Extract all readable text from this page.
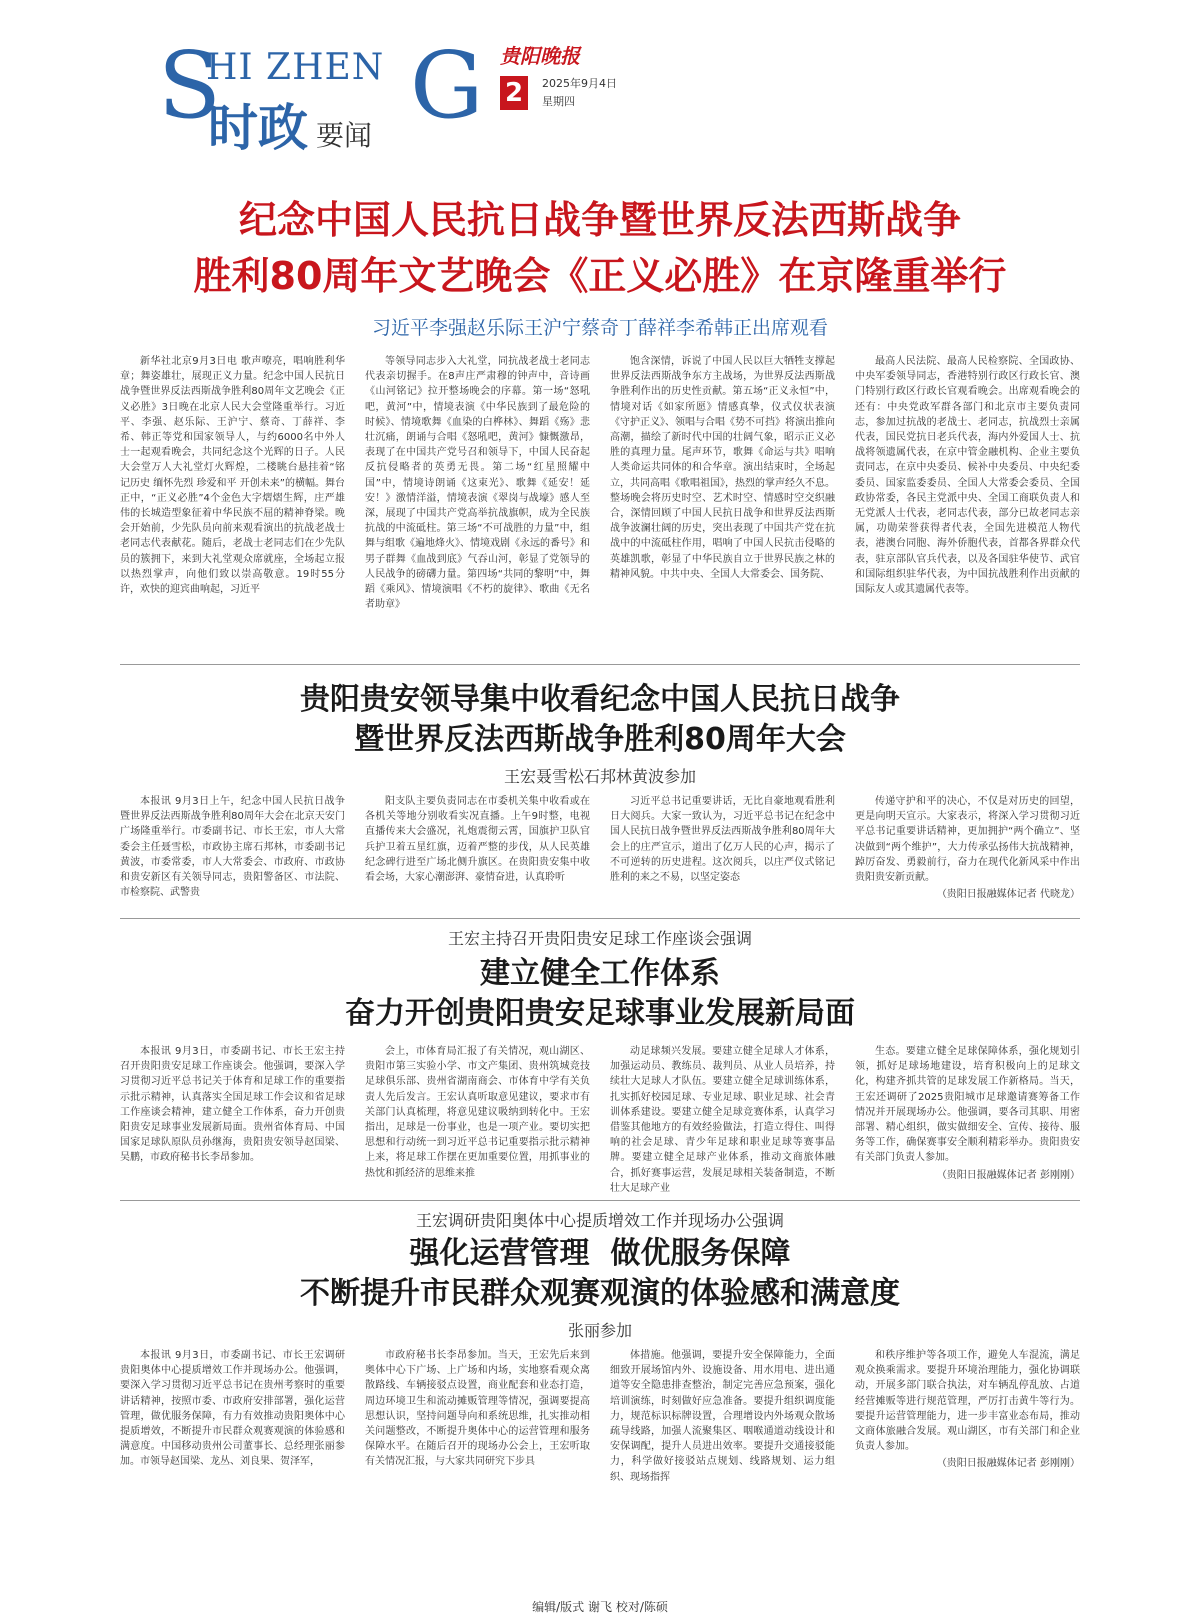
S
HI ZHEN G
时政 要闻
贵阳晚报
2	2025年9月4日
星期四
纪念中国人民抗日战争暨世界反法西斯战争
胜利80周年文艺晚会《正义必胜》在京隆重举行
习近平李强赵乐际王沪宁蔡奇丁薛祥李希韩正出席观看
新华社北京9月3日电 歌声嘹亮，唱响胜利华章；舞姿雄壮，展现正义力量。纪念中国人民抗日战争暨世界反法西斯战争胜利80周年文艺晚会《正义必胜》3日晚在北京人民大会堂隆重举行。习近平、李强、赵乐际、王沪宁、蔡奇、丁薛祥、李希、韩正等党和国家领导人，与约6000名中外人士一起观看晚会，共同纪念这个光辉的日子。人民大会堂万人大礼堂灯火辉煌，二楼眺台悬挂着“铭记历史 缅怀先烈 珍爱和平 开创未来”的横幅。舞台正中，“正义必胜”4个金色大字熠熠生辉，庄严雄伟的长城造型象征着中华民族不屈的精神脊梁。晚会开始前，少先队员向前来观看演出的抗战老战士老同志代表献花。随后，老战士老同志们在少先队员的簇拥下，来到大礼堂观众席就座，全场起立报以热烈掌声，向他们致以崇高敬意。19时55分许，欢快的迎宾曲响起，习近平
等领导同志步入大礼堂，同抗战老战士老同志代表亲切握手。在8声庄严肃穆的钟声中，音诗画《山河铭记》拉开整场晚会的序幕。第一场“怒吼吧，黄河”中，情境表演《中华民族到了最危险的时候》、情境歌舞《血染的白桦林》、舞蹈《殇》悲壮沉痛，朗诵与合唱《怒吼吧，黄河》慷慨激昂，表现了在中国共产党号召和领导下，中国人民奋起反抗侵略者的英勇无畏。第二场“红星照耀中国”中，情境诗朗诵《这束光》、歌舞《延安！延安！》激情洋溢，情境表演《翠岗与战壕》感人至深，展现了中国共产党高举抗战旗帜，成为全民族抗战的中流砥柱。第三场“不可战胜的力量”中，组舞与组歌《遍地烽火》、情境戏剧《永远的番号》和男子群舞《血战到底》气吞山河，彰显了党领导的人民战争的磅礴力量。第四场“共同的黎明”中，舞蹈《乘风》、情境演唱《不朽的旋律》、歌曲《无名者助章》
饱含深情，诉说了中国人民以巨大牺牲支撑起世界反法西斯战争东方主战场，为世界反法西斯战争胜利作出的历史性贡献。第五场“正义永恒”中，情境对话《如家所愿》情感真挚，仪式仪状表演《守护正义》、领唱与合唱《势不可挡》将演出推向高潮，描绘了新时代中国的壮阔气象，昭示正义必胜的真理力量。尾声环节，歌舞《命运与共》唱响人类命运共同体的和合华章。演出结束时，全场起立，共同高唱《歌唱祖国》，热烈的掌声经久不息。整场晚会将历史时空、艺术时空、情感时空交织融合，深情回顾了中国人民抗日战争和世界反法西斯战争波澜壮阔的历史，突出表现了中国共产党在抗战中的中流砥柱作用，唱响了中国人民抗击侵略的英雄凯歌，彰显了中华民族自立于世界民族之林的精神风貌。中共中央、全国人大常委会、国务院、
最高人民法院、最高人民检察院、全国政协、中央军委领导同志，香港特别行政区行政长官、澳门特别行政区行政长官观看晚会。出席观看晚会的还有：中央党政军群各部门和北京市主要负责同志，参加过抗战的老战士、老同志，抗战烈士亲属代表，国民党抗日老兵代表，海内外爱国人士、抗战将领遗属代表，在京中管金融机构、企业主要负责同志，在京中央委员、候补中央委员、中央纪委委员、国家监委委员、全国人大常委会委员、全国政协常委，各民主党派中央、全国工商联负责人和无党派人士代表，老同志代表，部分已故老同志亲属，功勋荣誉获得者代表，全国先进模范人物代表，港澳台同胞、海外侨胞代表，首都各界群众代表，驻京部队官兵代表，以及各国驻华使节、武官和国际组织驻华代表，为中国抗战胜利作出贡献的国际友人或其遗属代表等。
贵阳贵安领导集中收看纪念中国人民抗日战争
暨世界反法西斯战争胜利80周年大会
王宏聂雪松石邦林黄波参加
本报讯 9月3日上午，纪念中国人民抗日战争暨世界反法西斯战争胜利80周年大会在北京天安门广场隆重举行。市委副书记、市长王宏，市人大常委会主任聂雪松，市政协主席石邦林，市委副书记黄波，市委常委，市人大常委会、市政府、市政协和贵安新区有关领导同志，贵阳警备区、市法院、市检察院、武警贵
阳支队主要负责同志在市委机关集中收看或在各机关等地分别收看实况直播。上午9时整，电视直播传来大会盛况，礼炮震彻云霄，国旗护卫队官兵护卫着五星红旗，迈着严整的步伐，从人民英雄纪念碑行进至广场北侧升旗区。在贵阳贵安集中收看会场，大家心潮澎湃、豪情奋进，认真聆听
习近平总书记重要讲话，无比自豪地观看胜利日大阅兵。大家一致认为，习近平总书记在纪念中国人民抗日战争暨世界反法西斯战争胜利80周年大会上的庄严宣示，道出了亿万人民的心声，揭示了不可逆转的历史进程。这次阅兵，以庄严仪式铭记胜利的来之不易，以坚定姿态
传递守护和平的决心，不仅是对历史的回望，更是向明天宣示。大家表示，将深入学习贯彻习近平总书记重要讲话精神，更加拥护“两个确立”、坚决做到“两个维护”，大力传承弘扬伟大抗战精神，踔厉奋发、勇毅前行，奋力在现代化新风采中作出贵阳贵安新贡献。
（贵阳日报融媒体记者 代晓龙）
王宏主持召开贵阳贵安足球工作座谈会强调
建立健全工作体系
奋力开创贵阳贵安足球事业发展新局面
本报讯 9月3日，市委副书记、市长王宏主持召开贵阳贵安足球工作座谈会。他强调，要深入学习贯彻习近平总书记关于体育和足球工作的重要指示批示精神，认真落实全国足球工作会议和省足球工作座谈会精神，建立健全工作体系，奋力开创贵阳贵安足球事业发展新局面。贵州省体育局、中国国家足球队原队员孙继海，贵阳贵安领导赵国梁、吴鹏，市政府秘书长李昂参加。
会上，市体育局汇报了有关情况，观山湖区、贵阳市第三实验小学、市文产集团、贵州筑城竞技足球俱乐部、贵州省湖南商会、市体育中学有关负责人先后发言。王宏认真听取意见建议，要求市有关部门认真梳理，将意见建议吸纳到转化中。王宏指出，足球是一份事业，也是一项产业。要切实把思想和行动统一到习近平总书记重要指示批示精神上来，将足球工作摆在更加重要位置，用抓事业的热忱和抓经济的思维来推
动足球频兴发展。要建立健全足球人才体系，加强运动员、教练员、裁判员、从业人员培养，持续壮大足球人才队伍。要建立健全足球训练体系，扎实抓好校园足球、专业足球、职业足球、社会青训体系建设。要建立健全足球竞赛体系，认真学习借鉴其他地方的有效经验做法，打造立得住、叫得响的社会足球、青少年足球和职业足球等赛事品牌。要建立健全足球产业体系，推动文商旅体融合，抓好赛事运营，发展足球相关装备制造，不断壮大足球产业
生态。要建立健全足球保障体系，强化规划引领，抓好足球场地建设，培育积极向上的足球文化，构建齐抓共管的足球发展工作新格局。当天，王宏还调研了2025贵阳城市足球邀请赛筹备工作情况并开展现场办公。他强调，要各司其职、用密部署、精心组织，做实做细安全、宣传、接待、服务等工作，确保赛事安全顺利精彩举办。贵阳贵安有关部门负责人参加。
（贵阳日报融媒体记者 彭刚刚）
王宏调研贵阳奥体中心提质增效工作并现场办公强调
强化运营管理  做优服务保障
不断提升市民群众观赛观演的体验感和满意度
张丽参加
本报讯 9月3日，市委副书记、市长王宏调研贵阳奥体中心提质增效工作并现场办公。他强调，要深入学习贯彻习近平总书记在贵州考察时的重要讲话精神，按照市委、市政府安排部署，强化运营管理，做优服务保障，有力有效推动贵阳奥体中心提质增效，不断提升市民群众观赛观演的体验感和满意度。中国移动贵州公司董事长、总经理张丽参加。市领导赵国梁、龙丛、刘良果、贺泽军，
市政府秘书长李昂参加。当天，王宏先后来到奥体中心下广场、上广场和内场，实地察看观众离散路线、车辆接驳点设置，商业配套和业态打造，周边环境卫生和流动摊贩管理等情况，强调要提高思想认识，坚持问题导向和系统思维，扎实推动相关问题整改，不断提升奥体中心的运营管理和服务保障水平。在随后召开的现场办公会上，王宏听取有关情况汇报，与大家共同研究下步具
体措施。他强调，要提升安全保障能力，全面细致开展场馆内外、设施设备、用水用电、进出通道等安全隐患排查整治，制定完善应急预案，强化培训演练，时刻做好应急准备。要提升组织调度能力，规范标识标牌设置，合理增设内外场观众散场疏导线路，加强人流聚集区、咽喉通道动线设计和安保调配，提升人员进出效率。要提升交通接驳能力，科学做好接驳站点规划、线路规划、运力组织、现场指挥
和秩序维护等各项工作，避免人车混流，满足观众换乘需求。要提升环境治理能力，强化协调联动，开展多部门联合执法，对车辆乱停乱放、占道经营摊贩等进行规范管理，严厉打击黄牛等行为。要提升运营管理能力，进一步丰富业态布局，推动文商体旅融合发展。观山湖区，市有关部门和企业负责人参加。
（贵阳日报融媒体记者 彭刚刚）
编辑/版式 谢飞 校对/陈硕
